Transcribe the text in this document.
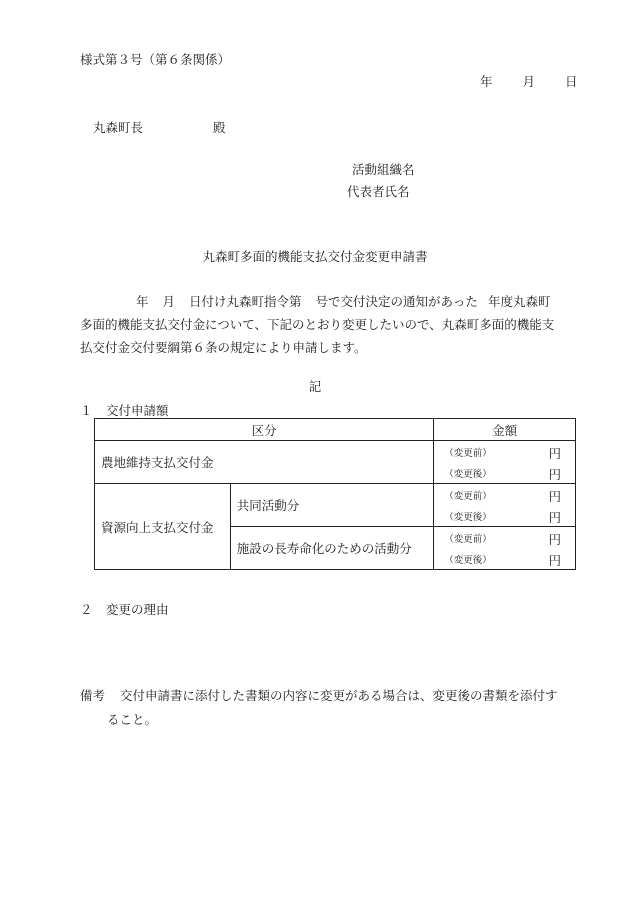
様式第３号（第６条関係）
年 月 日
丸森町長	殿
活動組織名
代表者氏名
丸森町多面的機能支払交付金変更申請書
年 月 日付け丸森町指令第 号で交付決定の通知があった 年度丸森町
多面的機能支払交付金について、下記のとおり変更したいので、丸森町多面的機能支
払交付金交付要綱第６条の規定により申請します。
記
１ 交付申請額
区分		金額
農地維持支払交付金		（変更前） 円

		（変更後） 円

資源向上支払交付金	共同活動分	（変更前） 円

		（変更後） 円

	施設の長寿命化のための活動分	（変更前） 円

		（変更後） 円
２ 変更の理由
備考 交付申請書に添付した書類の内容に変更がある場合は、変更後の書類を添付す
ること。
